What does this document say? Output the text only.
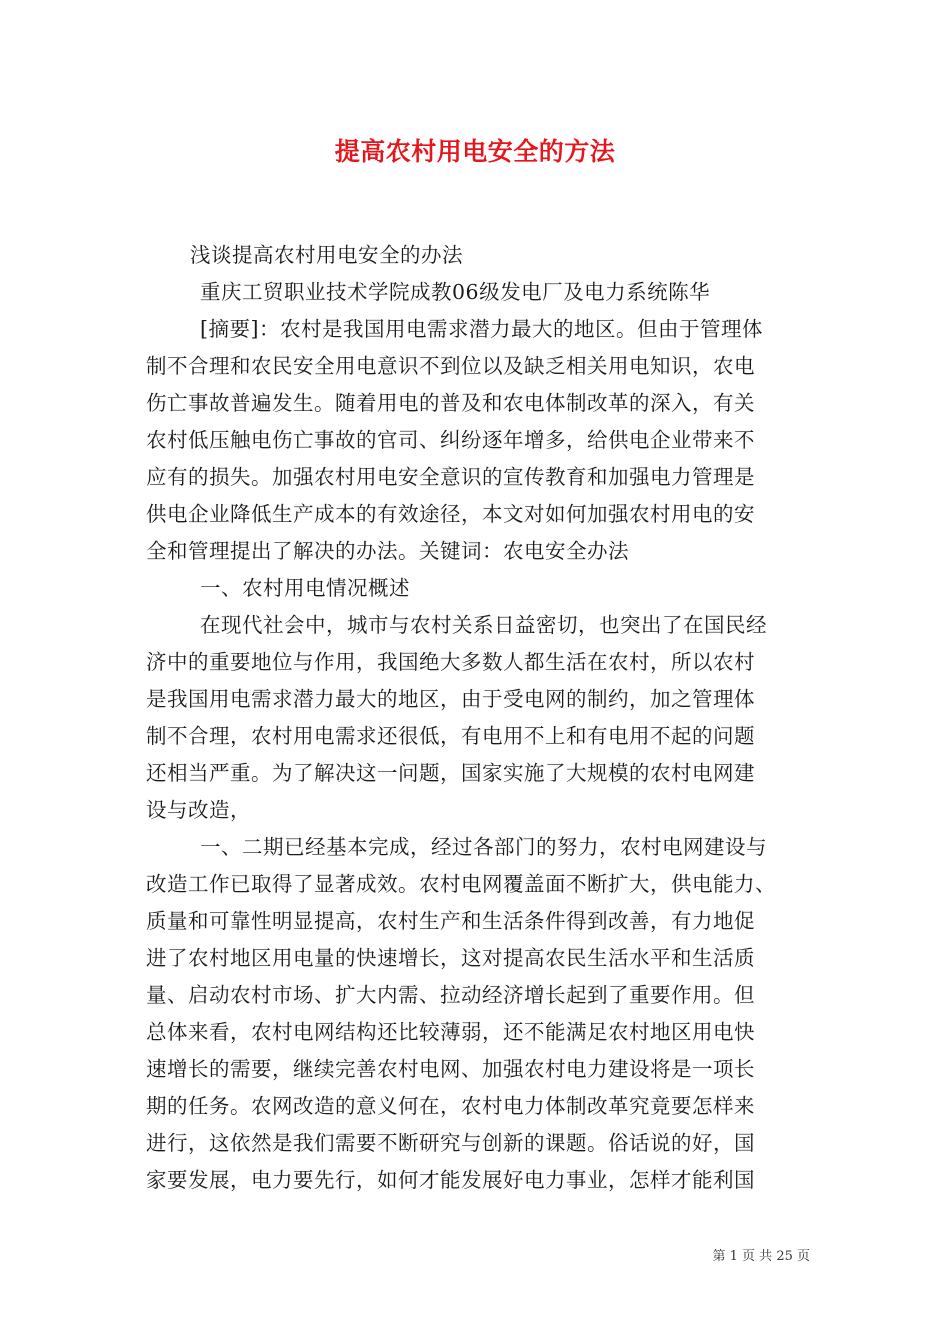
提高农村用电安全的方法
浅谈提高农村用电安全的办法
重庆工贸职业技术学院成教06级发电厂及电力系统陈华
[摘要]：农村是我国用电需求潜力最大的地区。但由于管理体
制不合理和农民安全用电意识不到位以及缺乏相关用电知识，农电
伤亡事故普遍发生。随着用电的普及和农电体制改革的深入，有关
农村低压触电伤亡事故的官司、纠纷逐年增多，给供电企业带来不
应有的损失。加强农村用电安全意识的宣传教育和加强电力管理是
供电企业降低生产成本的有效途径，本文对如何加强农村用电的安
全和管理提出了解决的办法。关键词：农电安全办法
一、农村用电情况概述
在现代社会中，城市与农村关系日益密切，也突出了在国民经
济中的重要地位与作用，我国绝大多数人都生活在农村，所以农村
是我国用电需求潜力最大的地区，由于受电网的制约，加之管理体
制不合理，农村用电需求还很低，有电用不上和有电用不起的问题
还相当严重。为了解决这一问题，国家实施了大规模的农村电网建
设与改造，
一、二期已经基本完成，经过各部门的努力，农村电网建设与
改造工作已取得了显著成效。农村电网覆盖面不断扩大，供电能力、
质量和可靠性明显提高，农村生产和生活条件得到改善，有力地促
进了农村地区用电量的快速增长，这对提高农民生活水平和生活质
量、启动农村市场、扩大内需、拉动经济增长起到了重要作用。但
总体来看，农村电网结构还比较薄弱，还不能满足农村地区用电快
速增长的需要，继续完善农村电网、加强农村电力建设将是一项长
期的任务。农网改造的意义何在，农村电力体制改革究竟要怎样来
进行，这依然是我们需要不断研究与创新的课题。俗话说的好，国
家要发展，电力要先行，如何才能发展好电力事业，怎样才能利国
第 1 页 共 25 页
